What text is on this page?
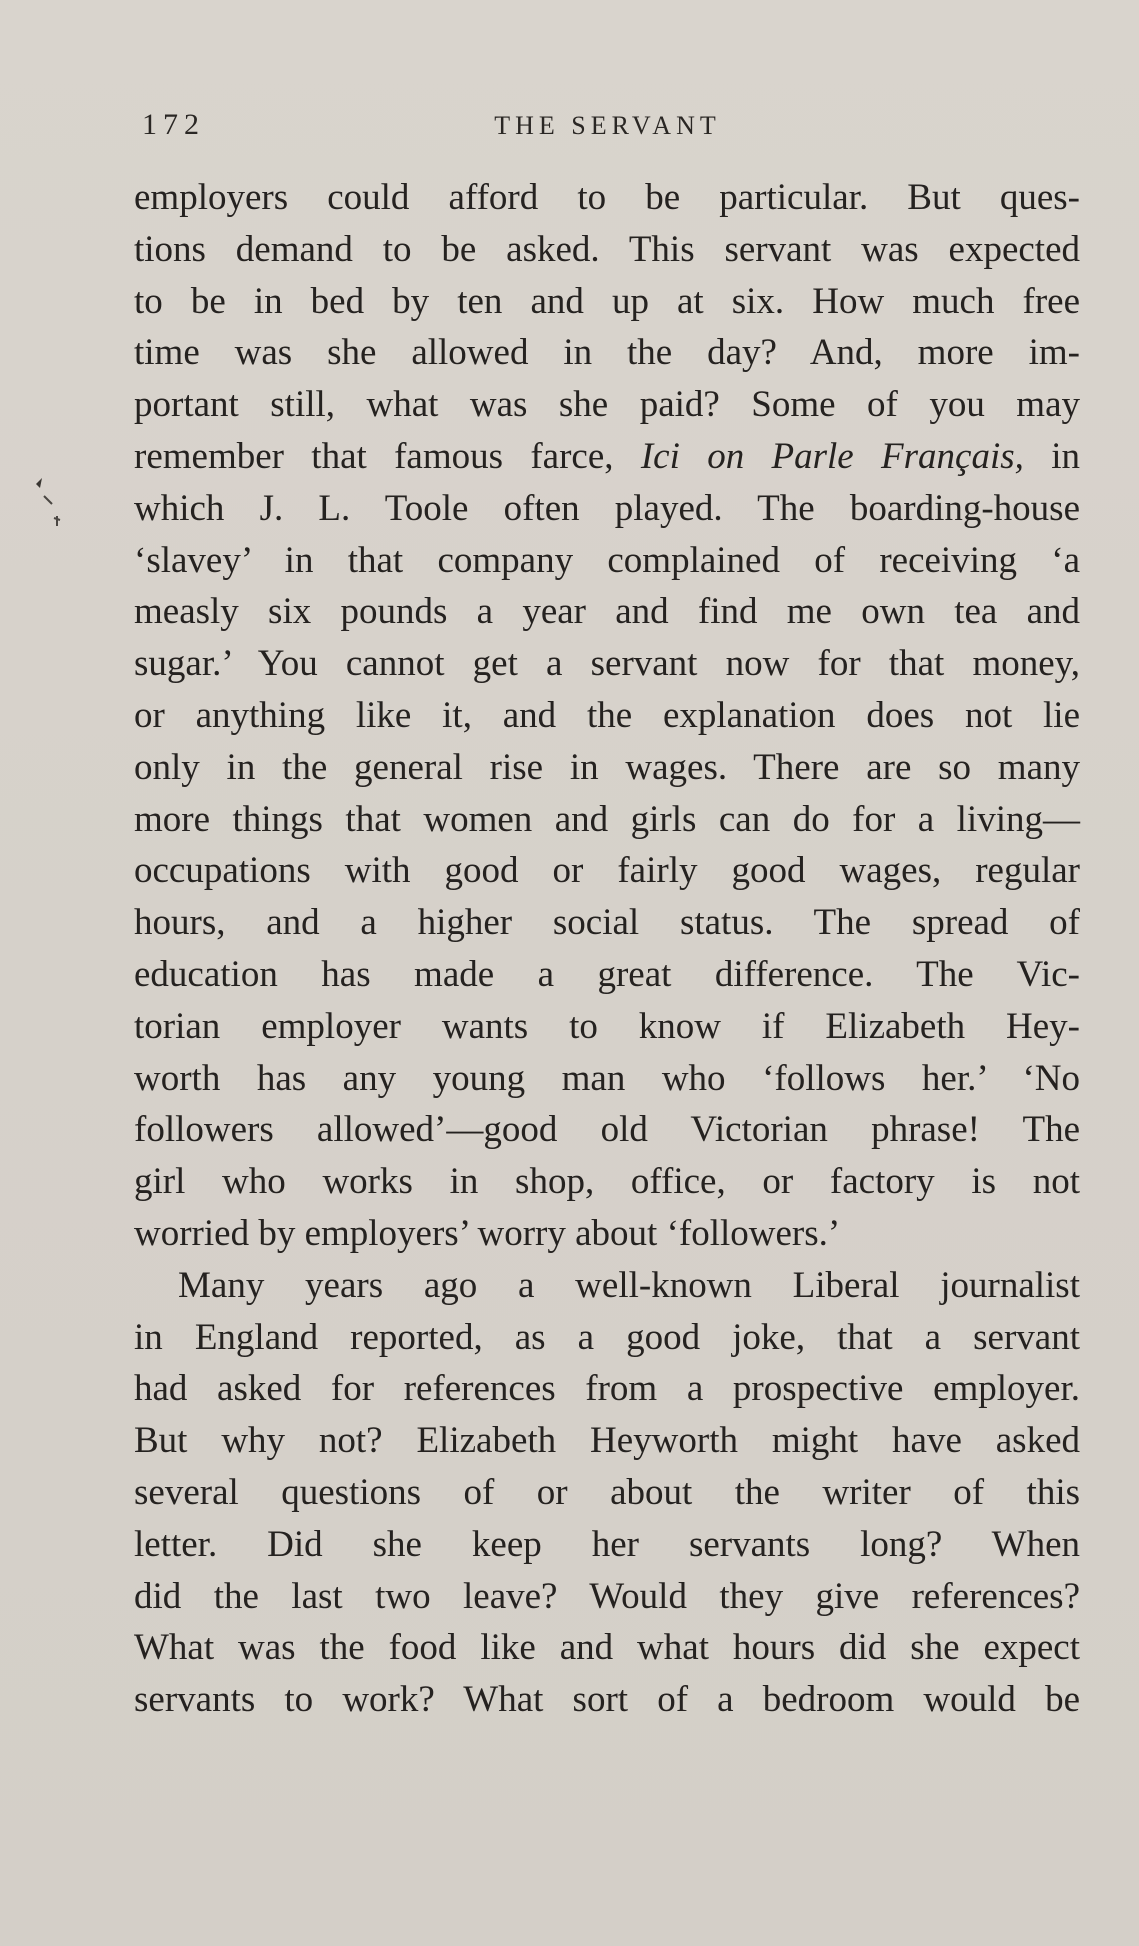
172	THE SERVANT
employers could afford to be particular. But ques-
tions demand to be asked. This servant was expected
to be in bed by ten and up at six. How much free
time was she allowed in the day? And, more im-
portant still, what was she paid? Some of you may
remember that famous farce, Ici on Parle Français, in
which J. L. Toole often played. The boarding-house
‘slavey’ in that company complained of receiving ‘a
measly six pounds a year and find me own tea and
sugar.’ You cannot get a servant now for that money,
or anything like it, and the explanation does not lie
only in the general rise in wages. There are so many
more things that women and girls can do for a living—
occupations with good or fairly good wages, regular
hours, and a higher social status. The spread of
education has made a great difference. The Vic-
torian employer wants to know if Elizabeth Hey-
worth has any young man who ‘follows her.’ ‘No
followers allowed’—good old Victorian phrase! The
girl who works in shop, office, or factory is not
worried by employers’ worry about ‘followers.’
Many years ago a well-known Liberal journalist
in England reported, as a good joke, that a servant
had asked for references from a prospective employer.
But why not? Elizabeth Heyworth might have asked
several questions of or about the writer of this
letter. Did she keep her servants long? When
did the last two leave? Would they give references?
What was the food like and what hours did she expect
servants to work? What sort of a bedroom would be
